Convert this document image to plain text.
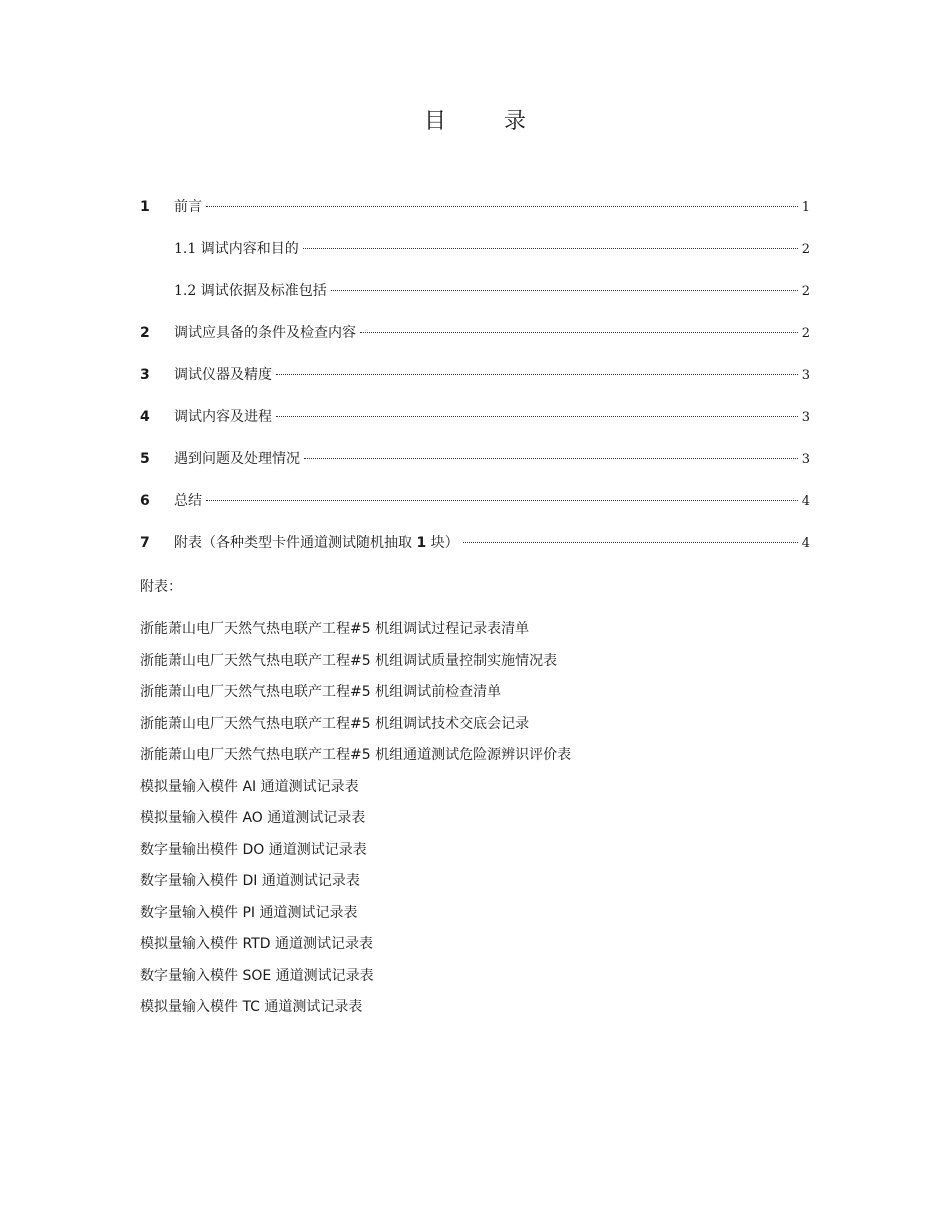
目　录
1	前言	1
1.1 调试内容和目的	2
1.2 调试依据及标准包括	2
2	调试应具备的条件及检查内容	2
3	调试仪器及精度	3
4	调试内容及进程	3
5	遇到问题及处理情况	3
6	总结	4
7	附表（各种类型卡件通道测试随机抽取 1 块）	4
附表：
浙能萧山电厂天然气热电联产工程#5 机组调试过程记录表清单
浙能萧山电厂天然气热电联产工程#5 机组调试质量控制实施情况表
浙能萧山电厂天然气热电联产工程#5 机组调试前检查清单
浙能萧山电厂天然气热电联产工程#5 机组调试技术交底会记录
浙能萧山电厂天然气热电联产工程#5 机组通道测试危险源辨识评价表
模拟量输入模件 AI 通道测试记录表
模拟量输入模件 AO 通道测试记录表
数字量输出模件 DO 通道测试记录表
数字量输入模件 DI 通道测试记录表
数字量输入模件 PI 通道测试记录表
模拟量输入模件 RTD 通道测试记录表
数字量输入模件 SOE 通道测试记录表
模拟量输入模件 TC 通道测试记录表
